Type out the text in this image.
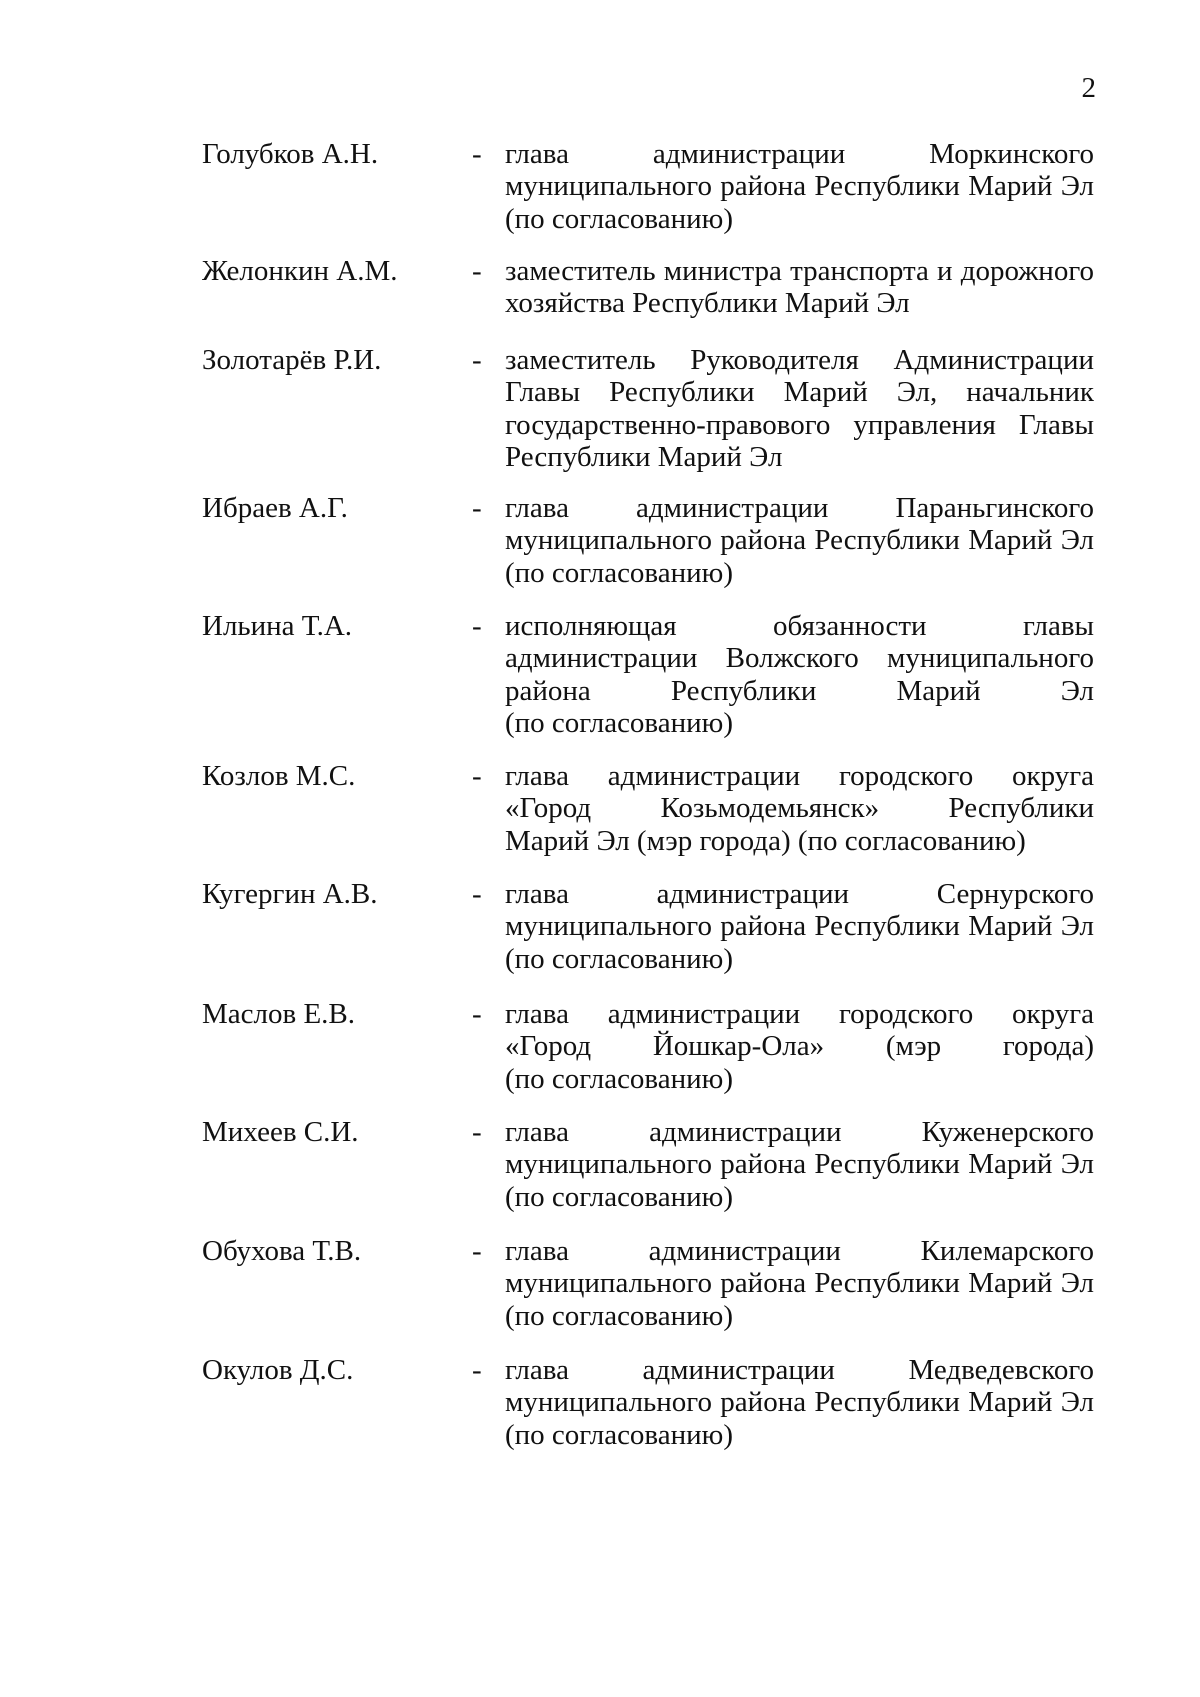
2
Голубков А.Н.	- глава администрации Моркинского
муниципального района Республики Марий Эл
(по согласованию)
Желонкин А.М.	- заместитель министра транспорта и дорожного
хозяйства Республики Марий Эл
Золотарёв Р.И.	- заместитель Руководителя Администрации
Главы Республики Марий Эл, начальник
государственно-правового управления Главы
Республики Марий Эл
Ибраев А.Г.	- глава администрации Параньгинского
муниципального района Республики Марий Эл
(по согласованию)
Ильина Т.А.	- исполняющая обязанности главы
администрации Волжского муниципального
района Республики Марий Эл
(по согласованию)
Козлов М.С.	- глава администрации городского округа
«Город Козьмодемьянск» Республики
Марий Эл (мэр города) (по согласованию)
Кугергин А.В.	- глава администрации Сернурского
муниципального района Республики Марий Эл
(по согласованию)
Маслов Е.В.	- глава администрации городского округа
«Город Йошкар-Ола» (мэр города)
(по согласованию)
Михеев С.И.	- глава администрации Куженерского
муниципального района Республики Марий Эл
(по согласованию)
Обухова Т.В.	- глава администрации Килемарского
муниципального района Республики Марий Эл
(по согласованию)
Окулов Д.С.	- глава администрации Медведевского
муниципального района Республики Марий Эл
(по согласованию)
